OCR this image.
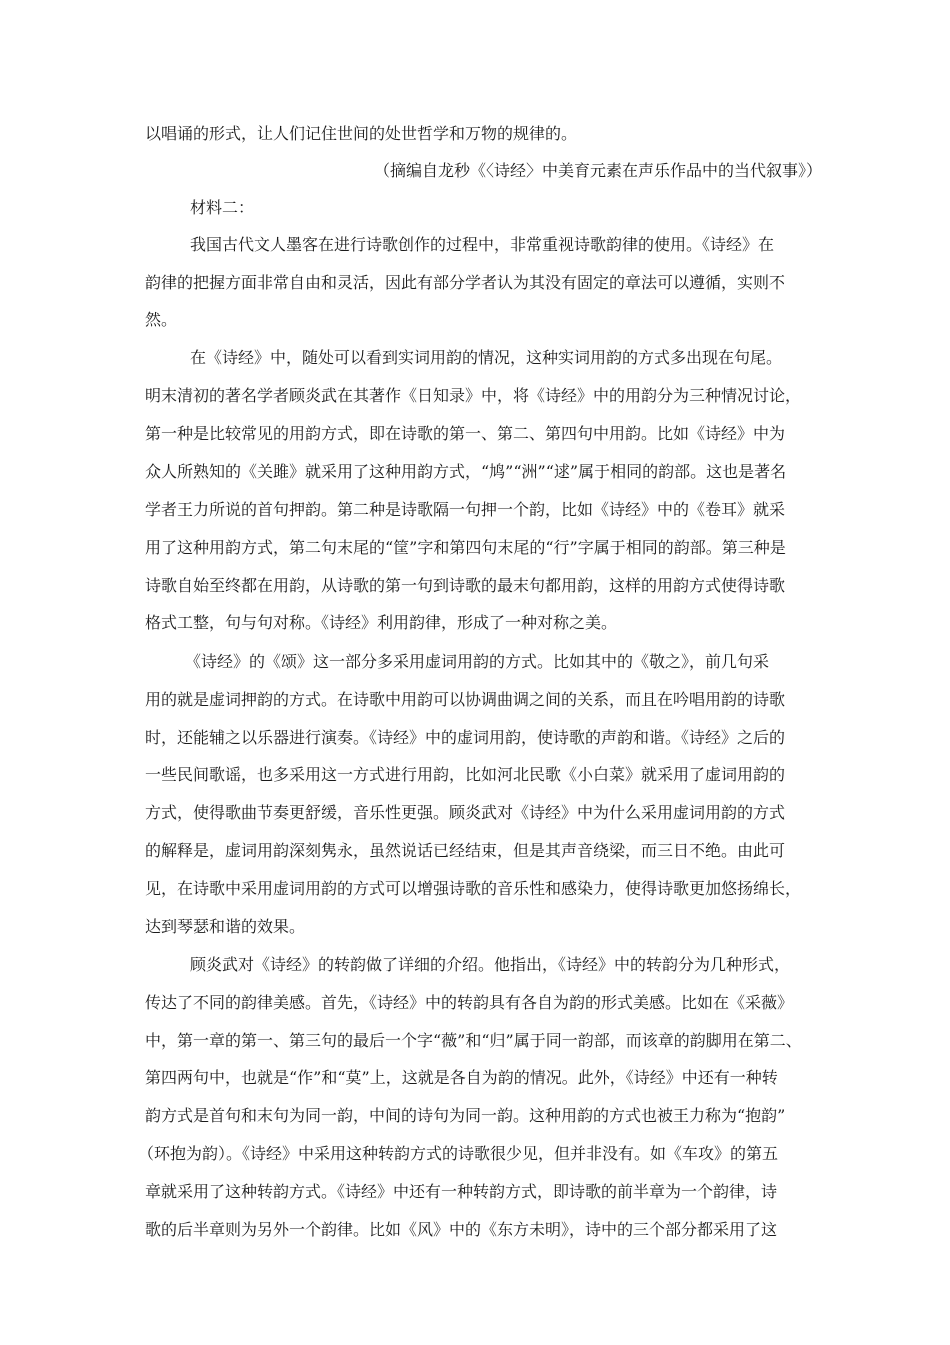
以唱诵的形式，让人们记住世间的处世哲学和万物的规律的。
（摘编自龙秒《〈诗经〉中美育元素在声乐作品中的当代叙事》）
材料二：
我国古代文人墨客在进行诗歌创作的过程中，非常重视诗歌韵律的使用。《诗经》在
韵律的把握方面非常自由和灵活，因此有部分学者认为其没有固定的章法可以遵循，实则不
然。
在《诗经》中，随处可以看到实词用韵的情况，这种实词用韵的方式多出现在句尾。
明末清初的著名学者顾炎武在其著作《日知录》中，将《诗经》中的用韵分为三种情况讨论，
第一种是比较常见的用韵方式，即在诗歌的第一、第二、第四句中用韵。比如《诗经》中为
众人所熟知的《关雎》就采用了这种用韵方式，“鸠”“洲”“逑”属于相同的韵部。这也是著名
学者王力所说的首句押韵。第二种是诗歌隔一句押一个韵，比如《诗经》中的《卷耳》就采
用了这种用韵方式，第二句末尾的“筐”字和第四句末尾的“行”字属于相同的韵部。第三种是
诗歌自始至终都在用韵，从诗歌的第一句到诗歌的最末句都用韵，这样的用韵方式使得诗歌
格式工整，句与句对称。《诗经》利用韵律，形成了一种对称之美。
《诗经》的《颂》这一部分多采用虚词用韵的方式。比如其中的《敬之》，前几句采
用的就是虚词押韵的方式。在诗歌中用韵可以协调曲调之间的关系，而且在吟唱用韵的诗歌
时，还能辅之以乐器进行演奏。《诗经》中的虚词用韵，使诗歌的声韵和谐。《诗经》之后的
一些民间歌谣，也多采用这一方式进行用韵，比如河北民歌《小白菜》就采用了虚词用韵的
方式，使得歌曲节奏更舒缓，音乐性更强。顾炎武对《诗经》中为什么采用虚词用韵的方式
的解释是，虚词用韵深刻隽永，虽然说话已经结束，但是其声音绕梁，而三日不绝。由此可
见，在诗歌中采用虚词用韵的方式可以增强诗歌的音乐性和感染力，使得诗歌更加悠扬绵长，
达到琴瑟和谐的效果。
顾炎武对《诗经》的转韵做了详细的介绍。他指出，《诗经》中的转韵分为几种形式，
传达了不同的韵律美感。首先，《诗经》中的转韵具有各自为韵的形式美感。比如在《采薇》
中，第一章的第一、第三句的最后一个字“薇”和“归”属于同一韵部，而该章的韵脚用在第二、
第四两句中，也就是“作”和“莫”上，这就是各自为韵的情况。此外，《诗经》中还有一种转
韵方式是首句和末句为同一韵，中间的诗句为同一韵。这种用韵的方式也被王力称为“抱韵”
（环抱为韵）。《诗经》中采用这种转韵方式的诗歌很少见，但并非没有。如《车攻》的第五
章就采用了这种转韵方式。《诗经》中还有一种转韵方式，即诗歌的前半章为一个韵律，诗
歌的后半章则为另外一个韵律。比如《风》中的《东方未明》，诗中的三个部分都采用了这
